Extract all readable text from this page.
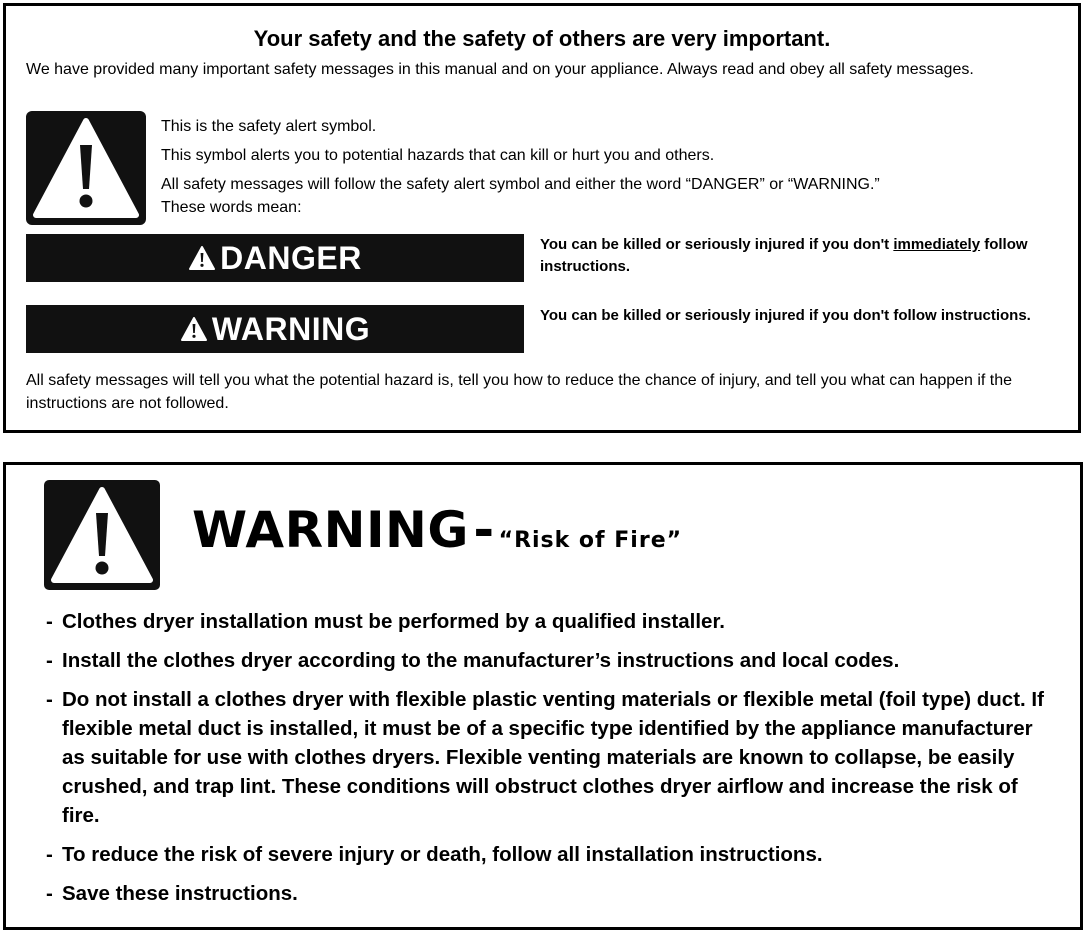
Your safety and the safety of others are very important.
We have provided many important safety messages in this manual and on your appliance. Always read and obey all safety messages.
This is the safety alert symbol.
This symbol alerts you to potential hazards that can kill or hurt you and others.
All safety messages will follow the safety alert symbol and either the word “DANGER” or “WARNING.”
These words mean:
DANGER	You can be killed or seriously injured if you don't immediately follow instructions.
WARNING	You can be killed or seriously injured if you don't follow instructions.
All safety messages will tell you what the potential hazard is, tell you how to reduce the chance of injury, and tell you what can happen if the instructions are not followed.
WARNING - “Risk of Fire”
- Clothes dryer installation must be performed by a qualified installer.
- Install the clothes dryer according to the manufacturer’s instructions and local codes.
- Do not install a clothes dryer with flexible plastic venting materials or flexible metal (foil type) duct. If flexible metal duct is installed, it must be of a specific type identified by the appliance manufacturer as suitable for use with clothes dryers. Flexible venting materials are known to collapse, be easily crushed, and trap lint. These conditions will obstruct clothes dryer airflow and increase the risk of fire.
- To reduce the risk of severe injury or death, follow all installation instructions.
- Save these instructions.
